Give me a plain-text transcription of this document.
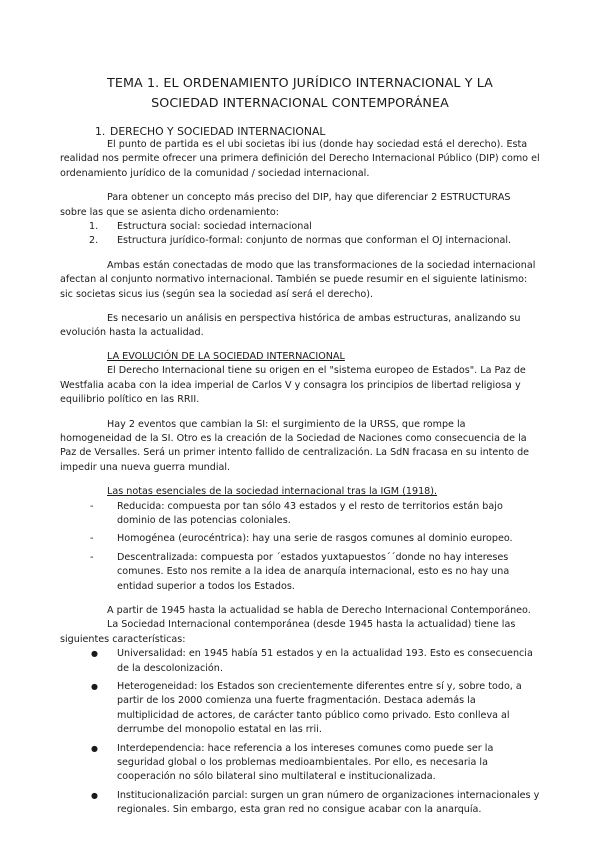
TEMA 1. EL ORDENAMIENTO JURÍDICO INTERNACIONAL Y LA
SOCIEDAD INTERNACIONAL CONTEMPORÁNEA
1. DERECHO Y SOCIEDAD INTERNACIONAL

El punto de partida es el ubi societas ibi ius (donde hay sociedad está el derecho). Esta realidad nos permite ofrecer una primera definición del Derecho Internacional Público (DIP) como el ordenamiento jurídico de la comunidad / sociedad internacional.

Para obtener un concepto más preciso del DIP, hay que diferenciar 2 ESTRUCTURAS sobre las que se asienta dicho ordenamiento:

1.	Estructura social: sociedad internacional
2.	Estructura jurídico-formal: conjunto de normas que conforman el OJ internacional.

Ambas están conectadas de modo que las transformaciones de la sociedad internacional afectan al conjunto normativo internacional. También se puede resumir en el siguiente latinismo: sic societas sicus ius (según sea la sociedad así será el derecho).

Es necesario un análisis en perspectiva histórica de ambas estructuras, analizando su evolución hasta la actualidad.

LA EVOLUCIÓN DE LA SOCIEDAD INTERNACIONAL

El Derecho Internacional tiene su origen en el "sistema europeo de Estados". La Paz de Westfalia acaba con la idea imperial de Carlos V y consagra los principios de libertad religiosa y equilibrio político en las RRII.

Hay 2 eventos que cambian la SI: el surgimiento de la URSS, que rompe la homogeneidad de la SI. Otro es la creación de la Sociedad de Naciones como consecuencia de la Paz de Versalles. Será un primer intento fallido de centralización. La SdN fracasa en su intento de impedir una nueva guerra mundial.

Las notas esenciales de la sociedad internacional tras la IGM (1918).

- Reducida: compuesta por tan sólo 43 estados y el resto de territorios están bajo dominio de las potencias coloniales.
- Homogénea (eurocéntrica): hay una serie de rasgos comunes al dominio europeo.
- Descentralizada: compuesta por ´estados yuxtapuestos´´donde no hay intereses comunes. Esto nos remite a la idea de anarquía internacional, esto es no hay una entidad superior a todos los Estados.

A partir de 1945 hasta la actualidad se habla de Derecho Internacional Contemporáneo.

La Sociedad Internacional contemporánea (desde 1945 hasta la actualidad) tiene las siguientes características:

● Universalidad: en 1945 había 51 estados y en la actualidad 193. Esto es consecuencia de la descolonización.
● Heterogeneidad: los Estados son crecientemente diferentes entre sí y, sobre todo, a partir de los 2000 comienza una fuerte fragmentación. Destaca además la multiplicidad de actores, de carácter tanto público como privado. Esto conlleva al derrumbe del monopolio estatal en las rrii.
● Interdependencia: hace referencia a los intereses comunes como puede ser la seguridad global o los problemas medioambientales. Por ello, es necesaria la cooperación no sólo bilateral sino multilateral e institucionalizada.
● Institucionalización parcial: surgen un gran número de organizaciones internacionales y regionales. Sin embargo, esta gran red no consigue acabar con la anarquía.
